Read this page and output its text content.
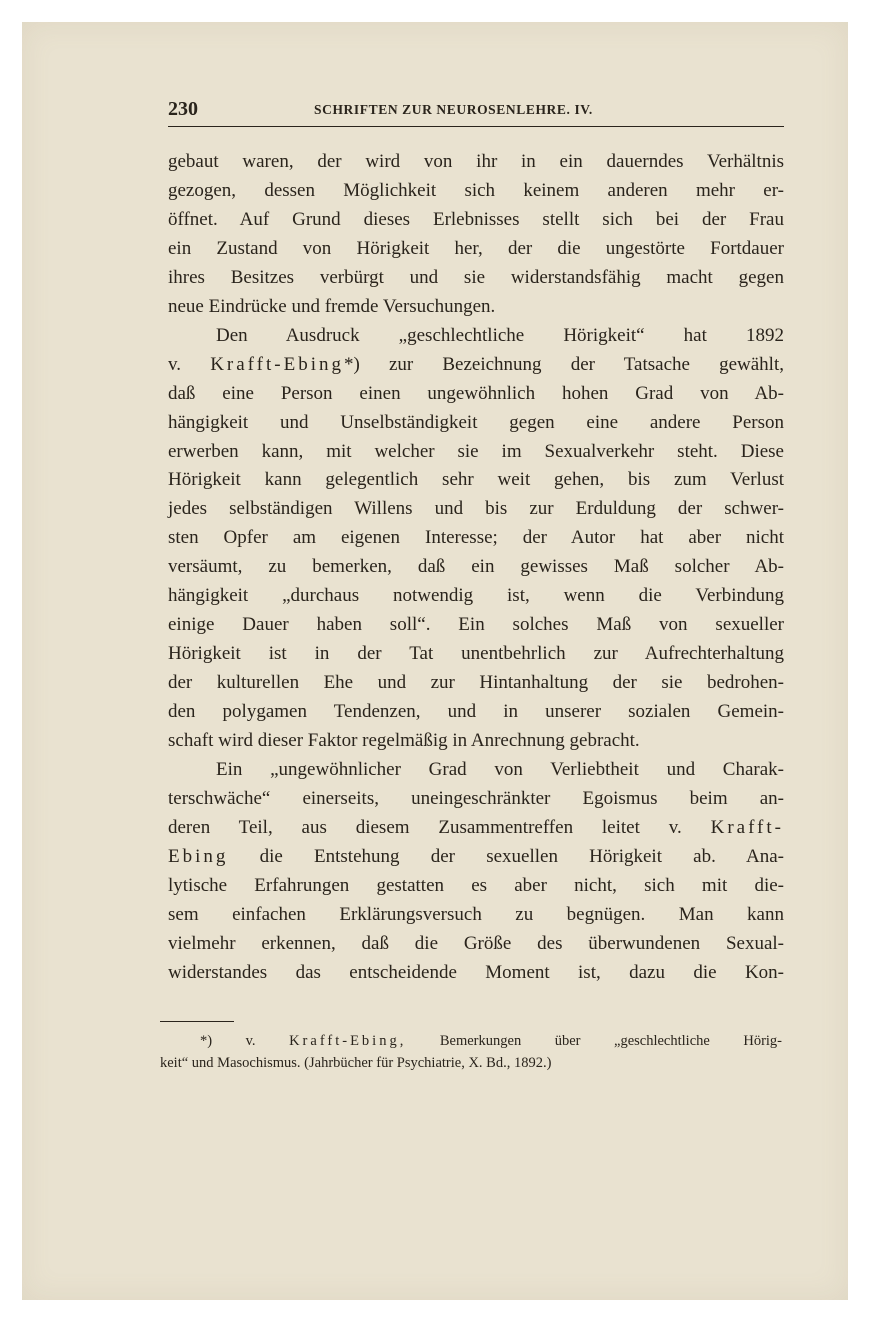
230	SCHRIFTEN ZUR NEUROSENLEHRE. IV.
gebaut waren, der wird von ihr in ein dauerndes Verhältnis
gezogen, dessen Möglichkeit sich keinem anderen mehr er-
öffnet. Auf Grund dieses Erlebnisses stellt sich bei der Frau
ein Zustand von Hörigkeit her, der die ungestörte Fortdauer
ihres Besitzes verbürgt und sie widerstandsfähig macht gegen
neue Eindrücke und fremde Versuchungen.
Den Ausdruck „geschlechtliche Hörigkeit“ hat 1892
v. Krafft-Ebing*) zur Bezeichnung der Tatsache gewählt,
daß eine Person einen ungewöhnlich hohen Grad von Ab-
hängigkeit und Unselbständigkeit gegen eine andere Person
erwerben kann, mit welcher sie im Sexualverkehr steht. Diese
Hörigkeit kann gelegentlich sehr weit gehen, bis zum Verlust
jedes selbständigen Willens und bis zur Erduldung der schwer-
sten Opfer am eigenen Interesse; der Autor hat aber nicht
versäumt, zu bemerken, daß ein gewisses Maß solcher Ab-
hängigkeit „durchaus notwendig ist, wenn die Verbindung
einige Dauer haben soll“. Ein solches Maß von sexueller
Hörigkeit ist in der Tat unentbehrlich zur Aufrechterhaltung
der kulturellen Ehe und zur Hintanhaltung der sie bedrohen-
den polygamen Tendenzen, und in unserer sozialen Gemein-
schaft wird dieser Faktor regelmäßig in Anrechnung gebracht.
Ein „ungewöhnlicher Grad von Verliebtheit und Charak-
terschwäche“ einerseits, uneingeschränkter Egoismus beim an-
deren Teil, aus diesem Zusammentreffen leitet v. Krafft-
Ebing die Entstehung der sexuellen Hörigkeit ab. Ana-
lytische Erfahrungen gestatten es aber nicht, sich mit die-
sem einfachen Erklärungsversuch zu begnügen. Man kann
vielmehr erkennen, daß die Größe des überwundenen Sexual-
widerstandes das entscheidende Moment ist, dazu die Kon-
*) v. Krafft-Ebing, Bemerkungen über „geschlechtliche Hörig-
keit“ und Masochismus. (Jahrbücher für Psychiatrie, X. Bd., 1892.)
